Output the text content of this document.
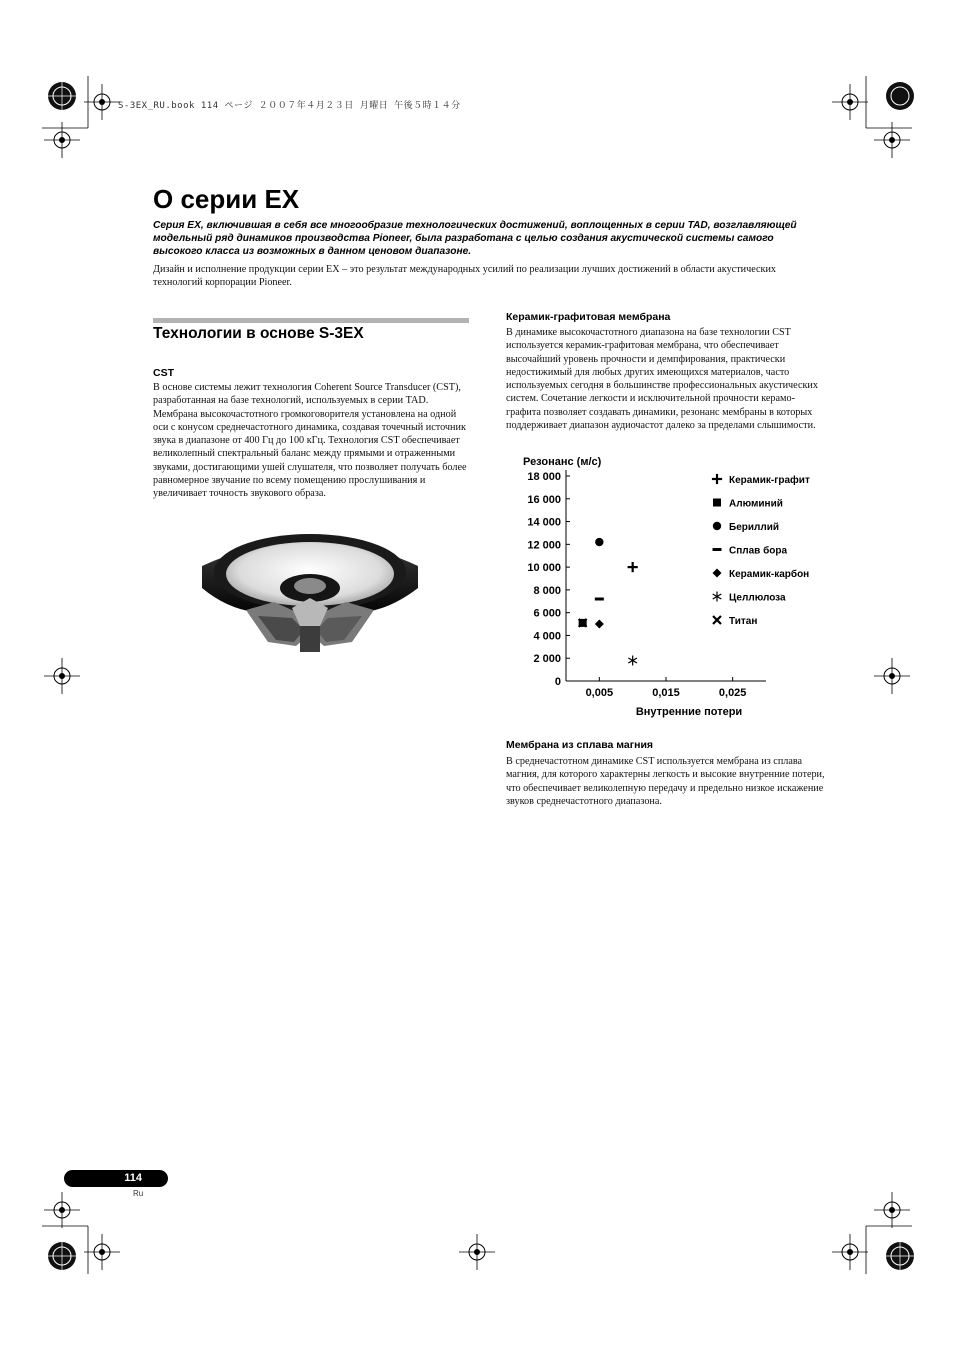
S-3EX_RU.book 114 ページ ２００７年４月２３日 月曜日 午後５時１４分
О серии EX

Серия EX, включившая в себя все многообразие технологических достижений, воплощенных в серии TAD, возглавляющей модельный ряд динамиков производства Pioneer, была разработана с целью создания акустической системы самого высокого класса из возможных в данном ценовом диапазоне.

Дизайн и исполнение продукции серии EX – это результат международных усилий по реализации лучших достижений в области акустических технологий корпорации Pioneer.

Технологии в основе S-3EX
CST

В основе системы лежит технология Coherent Source Transducer (CST), разработанная на базе технологий, используемых в серии TAD. Мембрана высокочастотного громкоговорителя установлена на одной оси с конусом среднечастотного динамика, создавая точечный источник звука в диапазоне от 400 Гц до 100 кГц. Технология CST обеспечивает великолепный спектральный баланс между прямыми и отраженными звуками, достигающими ушей слушателя, что позволяет получать более равномерное звучание по всему помещению прослушивания и увеличивает точность звукового образа.

Керамик-графитовая мембрана

В динамике высокочастотного диапазона на базе технологии CST используется керамик-графитовая мембрана, что обеспечивает высочайший уровень прочности и демпфирования, практически недостижимый для любых других имеющихся материалов, часто используемых сегодня в большинстве профессиональных акустических систем. Сочетание легкости и исключительной прочности керамо-графита позволяет создавать динамики, резонанс мембраны в которых поддерживает диапазон аудиочастот далеко за пределами слышимости.

Резонанс (м/с)
0
2 000
4 000
6 000
8 000
10 000
12 000
14 000
16 000
18 000
0,005	0,015	0,025
Керамик-графит
Алюминий
Бериллий
Сплав бора
Керамик-карбон
Целлюлоза
Титан
Внутренние потери
Мембрана из сплава магния

В среднечастотном динамике CST используется мембрана из сплава магния, для которого характерны легкость и высокие внутренние потери, что обеспечивает великолепную передачу и предельно низкое искажение звуков среднечастотного диапазона.

114
Ru
